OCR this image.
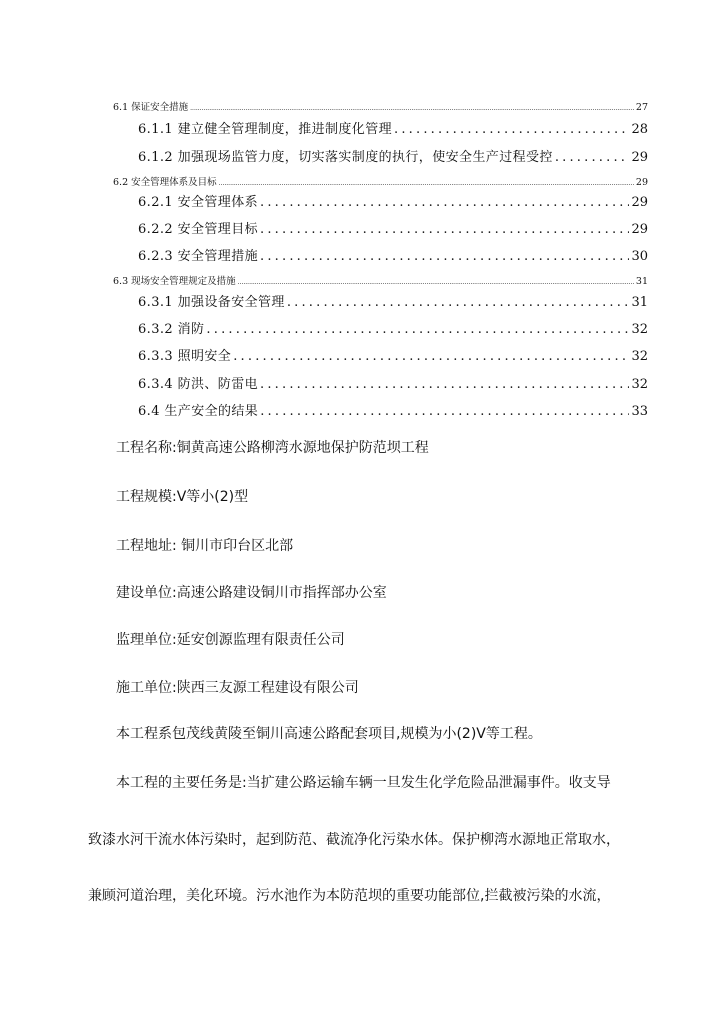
6.1 保证安全措施 .....	27
6.1.1 建立健全管理制度，推进制度化管理 .....	28
6.1.2 加强现场监管力度，切实落实制度的执行，使安全生产过程受控 .....	29
6.2 安全管理体系及目标 .....	29
6.2.1 安全管理体系 .....	29
6.2.2 安全管理目标 .....	29
6.2.3 安全管理措施 .....	30
6.3 现场安全管理规定及措施 .....	31
6.3.1 加强设备安全管理 .....	31
6.3.2 消防 .....	32
6.3.3 照明安全 .....	32
6.3.4 防洪、防雷电 .....	32
6.4 生产安全的结果 .....	33
工程名称:铜黄高速公路柳湾水源地保护防范坝工程
工程规模:Ⅴ等小(2)型
工程地址: 铜川市印台区北部
建设单位:高速公路建设铜川市指挥部办公室
监理单位:延安创源监理有限责任公司
施工单位:陕西三友源工程建设有限公司
本工程系包茂线黄陵至铜川高速公路配套项目,规模为小(2)Ⅴ等工程。
本工程的主要任务是:当扩建公路运输车辆一旦发生化学危险品泄漏事件。收支导
致漆水河干流水体污染时，起到防范、截流净化污染水体。保护柳湾水源地正常取水，
兼顾河道治理，美化环境。污水池作为本防范坝的重要功能部位,拦截被污染的水流，
